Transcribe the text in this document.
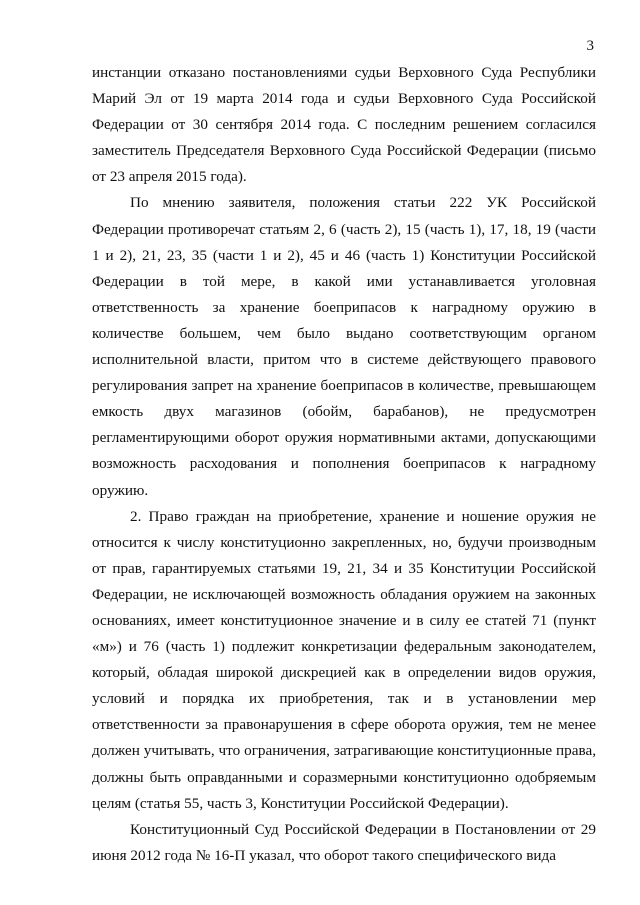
3

инстанции отказано постановлениями судьи Верховного Суда Республики Марий Эл от 19 марта 2014 года и судьи Верховного Суда Российской Федерации от 30 сентября 2014 года. С последним решением согласился заместитель Председателя Верховного Суда Российской Федерации (письмо от 23 апреля 2015 года).

По мнению заявителя, положения статьи 222 УК Российской Федерации противоречат статьям 2, 6 (часть 2), 15 (часть 1), 17, 18, 19 (части 1 и 2), 21, 23, 35 (части 1 и 2), 45 и 46 (часть 1) Конституции Российской Федерации в той мере, в какой ими устанавливается уголовная ответственность за хранение боеприпасов к наградному оружию в количестве большем, чем было выдано соответствующим органом исполнительной власти, притом что в системе действующего правового регулирования запрет на хранение боеприпасов в количестве, превышающем емкость двух магазинов (обойм, барабанов), не предусмотрен регламентирующими оборот оружия нормативными актами, допускающими возможность расходования и пополнения боеприпасов к наградному оружию.

2. Право граждан на приобретение, хранение и ношение оружия не относится к числу конституционно закрепленных, но, будучи производным от прав, гарантируемых статьями 19, 21, 34 и 35 Конституции Российской Федерации, не исключающей возможность обладания оружием на законных основаниях, имеет конституционное значение и в силу ее статей 71 (пункт «м») и 76 (часть 1) подлежит конкретизации федеральным законодателем, который, обладая широкой дискрецией как в определении видов оружия, условий и порядка их приобретения, так и в установлении мер ответственности за правонарушения в сфере оборота оружия, тем не менее должен учитывать, что ограничения, затрагивающие конституционные права, должны быть оправданными и соразмерными конституционно одобряемым целям (статья 55, часть 3, Конституции Российской Федерации).

Конституционный Суд Российской Федерации в Постановлении от 29 июня 2012 года № 16-П указал, что оборот такого специфического вида
